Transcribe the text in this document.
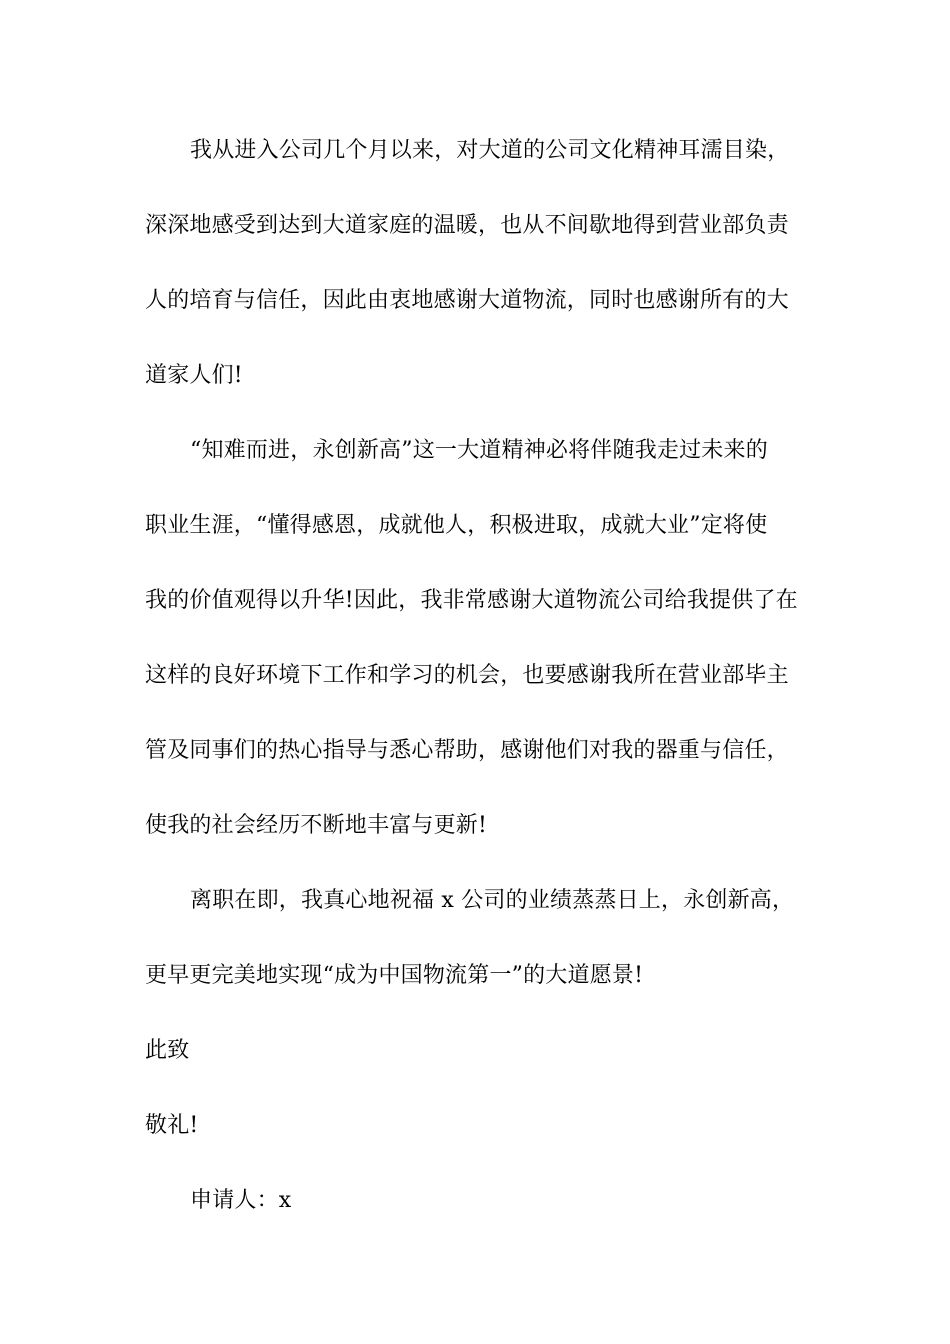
我从进入公司几个月以来，对大道的公司文化精神耳濡目染，
深深地感受到达到大道家庭的温暖，也从不间歇地得到营业部负责
人的培育与信任，因此由衷地感谢大道物流，同时也感谢所有的大
道家人们!
“知难而进，永创新高”这一大道精神必将伴随我走过未来的
职业生涯，“懂得感恩，成就他人，积极进取，成就大业”定将使
我的价值观得以升华!因此，我非常感谢大道物流公司给我提供了在
这样的良好环境下工作和学习的机会，也要感谢我所在营业部毕主
管及同事们的热心指导与悉心帮助，感谢他们对我的器重与信任，
使我的社会经历不断地丰富与更新!
离职在即，我真心地祝福 x 公司的业绩蒸蒸日上，永创新高，
更早更完美地实现“成为中国物流第一”的大道愿景!
此致
敬礼!
申请人：x
